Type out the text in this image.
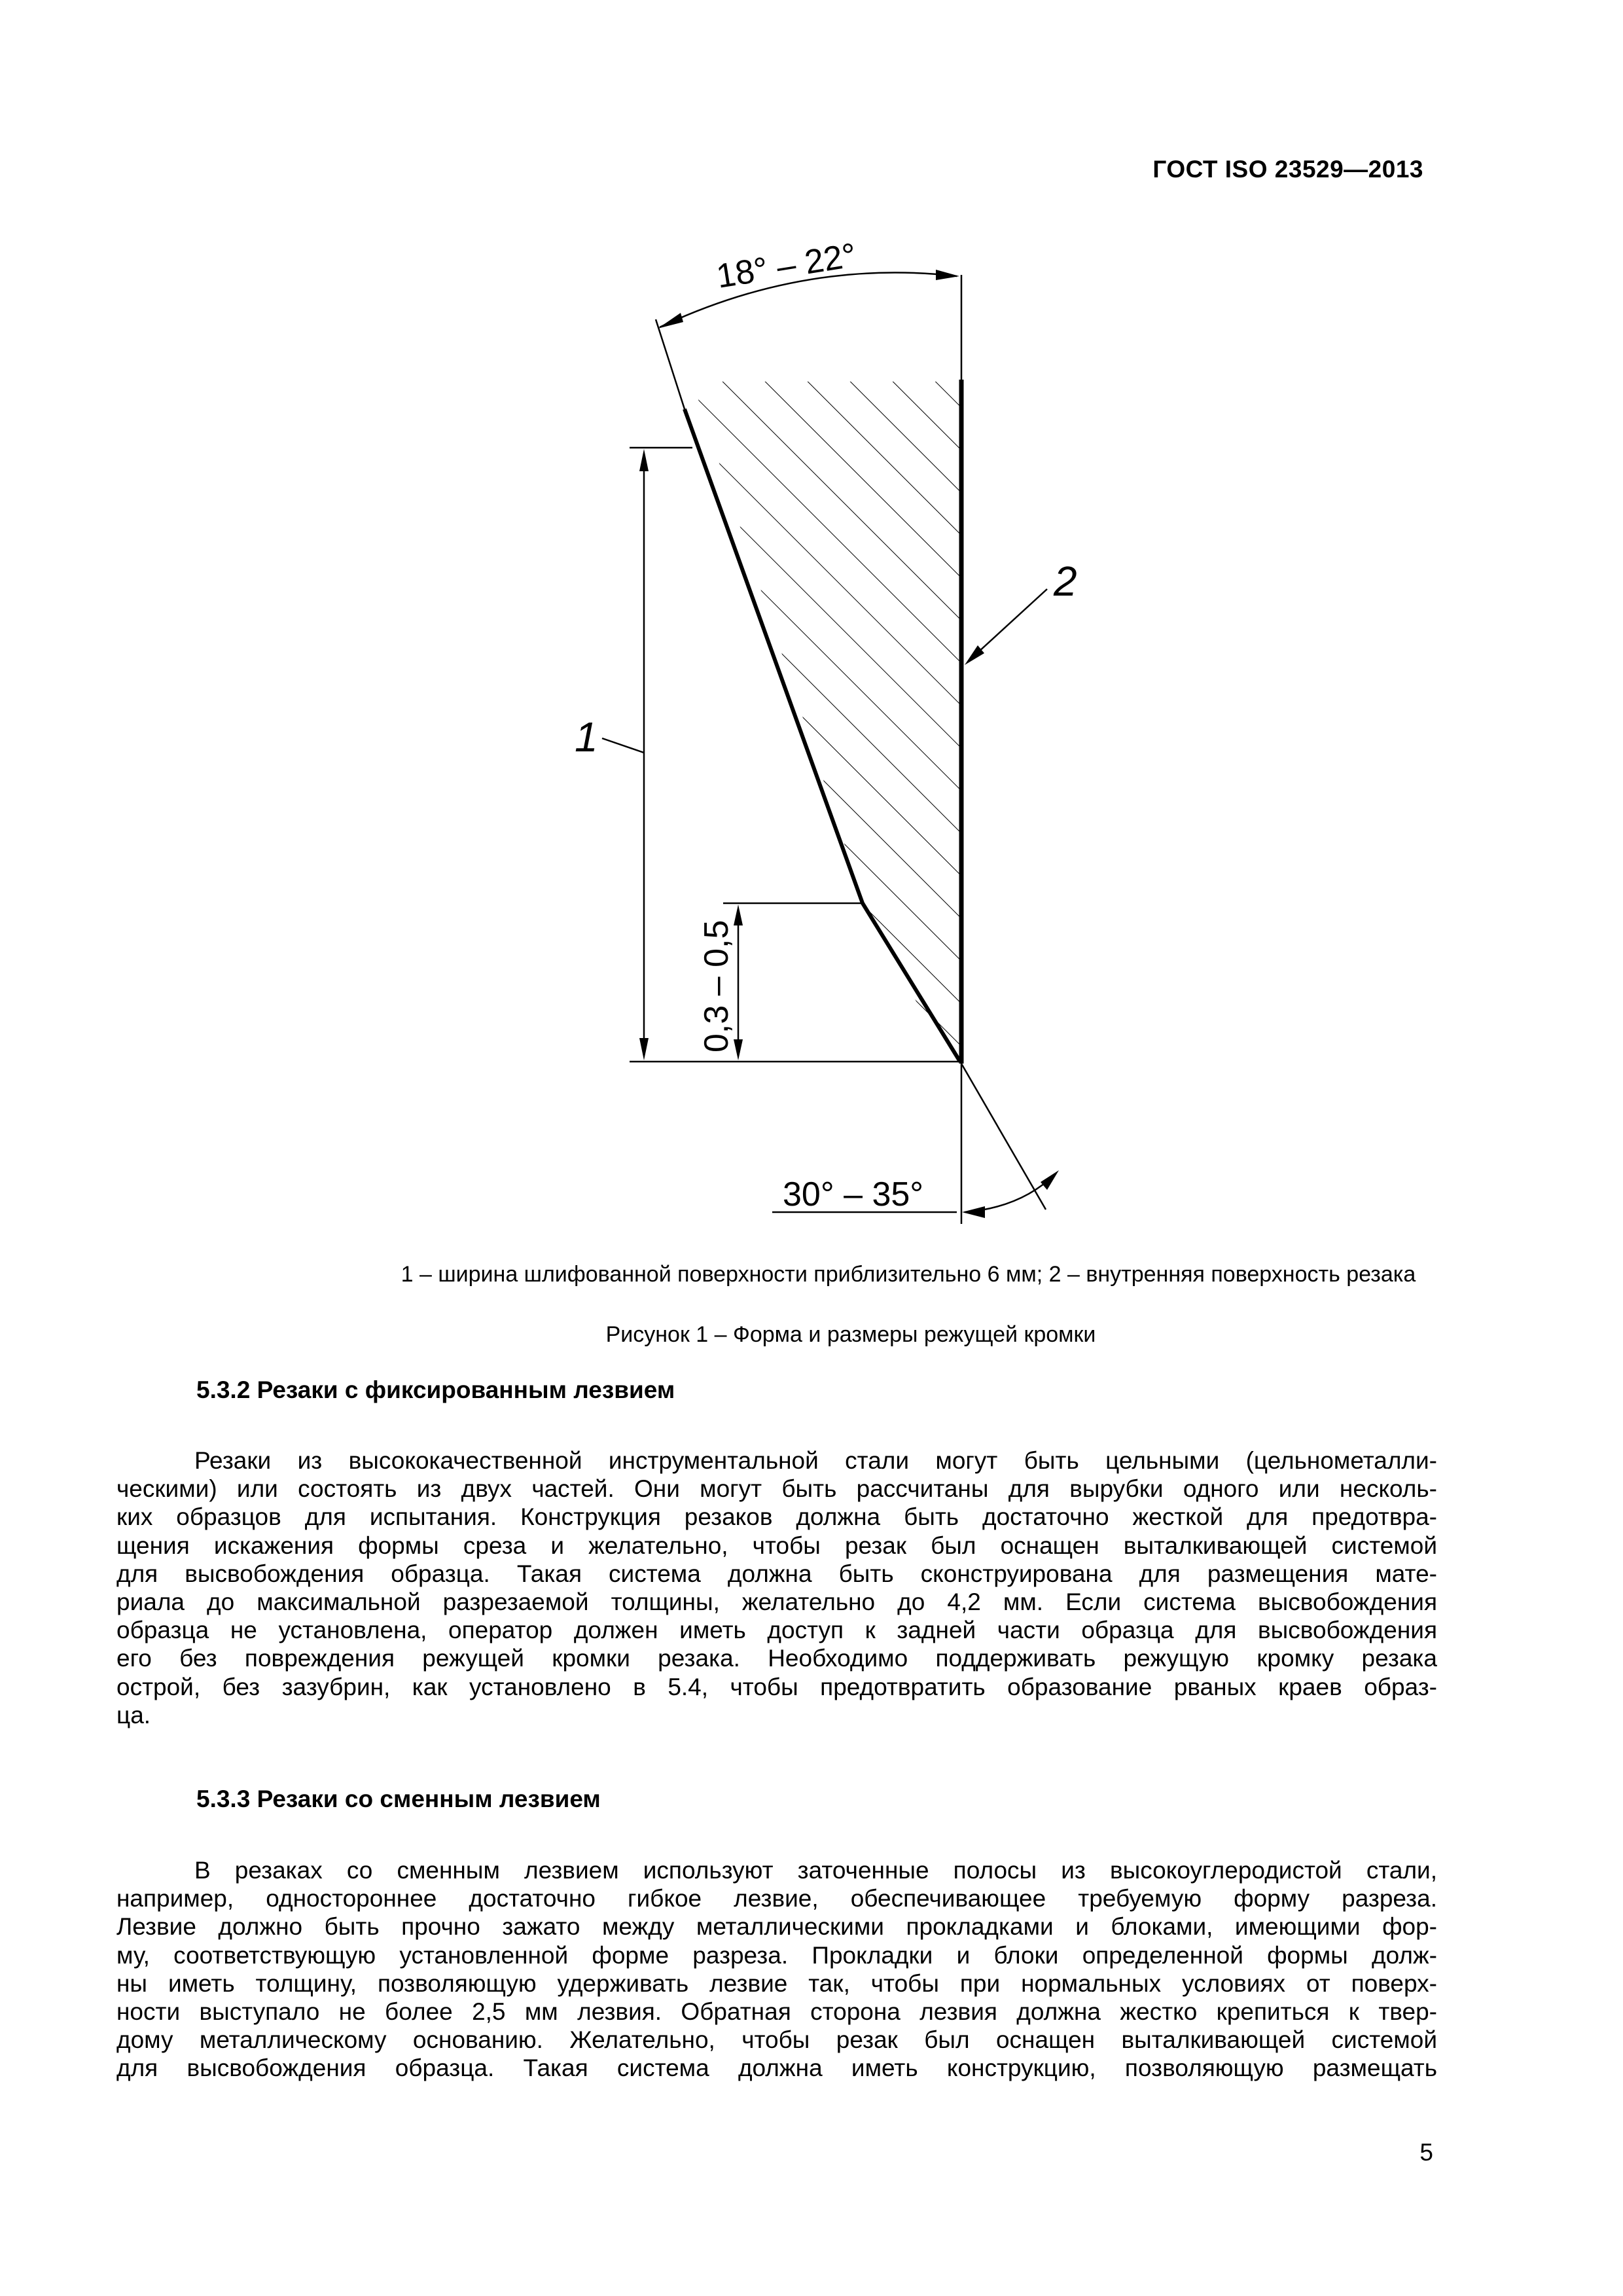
ГОСТ ISO 23529—2013
18° – 22°
1
0,3 – 0,5
2
30° – 35°
1 – ширина шлифованной поверхности приблизительно 6 мм; 2 – внутренняя поверхность резака
Рисунок 1 – Форма и размеры режущей кромки
5.3.2 Резаки с фиксированным лезвием
Резаки из высококачественной инструментальной стали могут быть цельными (цельнометалли-
ческими) или состоять из двух частей. Они могут быть рассчитаны для вырубки одного или несколь-
ких образцов для испытания. Конструкция резаков должна быть достаточно жесткой для предотвра-
щения искажения формы среза и желательно, чтобы резак был оснащен выталкивающей системой
для высвобождения образца. Такая система должна быть сконструирована для размещения мате-
риала до максимальной разрезаемой толщины, желательно до 4,2 мм. Если система высвобождения
образца не установлена, оператор должен иметь доступ к задней части образца для высвобождения
его без повреждения режущей кромки резака. Необходимо поддерживать режущую кромку резака
острой, без зазубрин, как установлено в 5.4, чтобы предотвратить образование рваных краев образ-
ца.
5.3.3 Резаки со сменным лезвием
В резаках со сменным лезвием используют заточенные полосы из высокоуглеродистой стали,
например, одностороннее достаточно гибкое лезвие, обеспечивающее требуемую форму разреза.
Лезвие должно быть прочно зажато между металлическими прокладками и блоками, имеющими фор-
му, соответствующую установленной форме разреза. Прокладки и блоки определенной формы долж-
ны иметь толщину, позволяющую удерживать лезвие так, чтобы при нормальных условиях от поверх-
ности выступало не более 2,5 мм лезвия. Обратная сторона лезвия должна жестко крепиться к твер-
дому металлическому основанию. Желательно, чтобы резак был оснащен выталкивающей системой
для высвобождения образца. Такая система должна иметь конструкцию, позволяющую размещать
5
